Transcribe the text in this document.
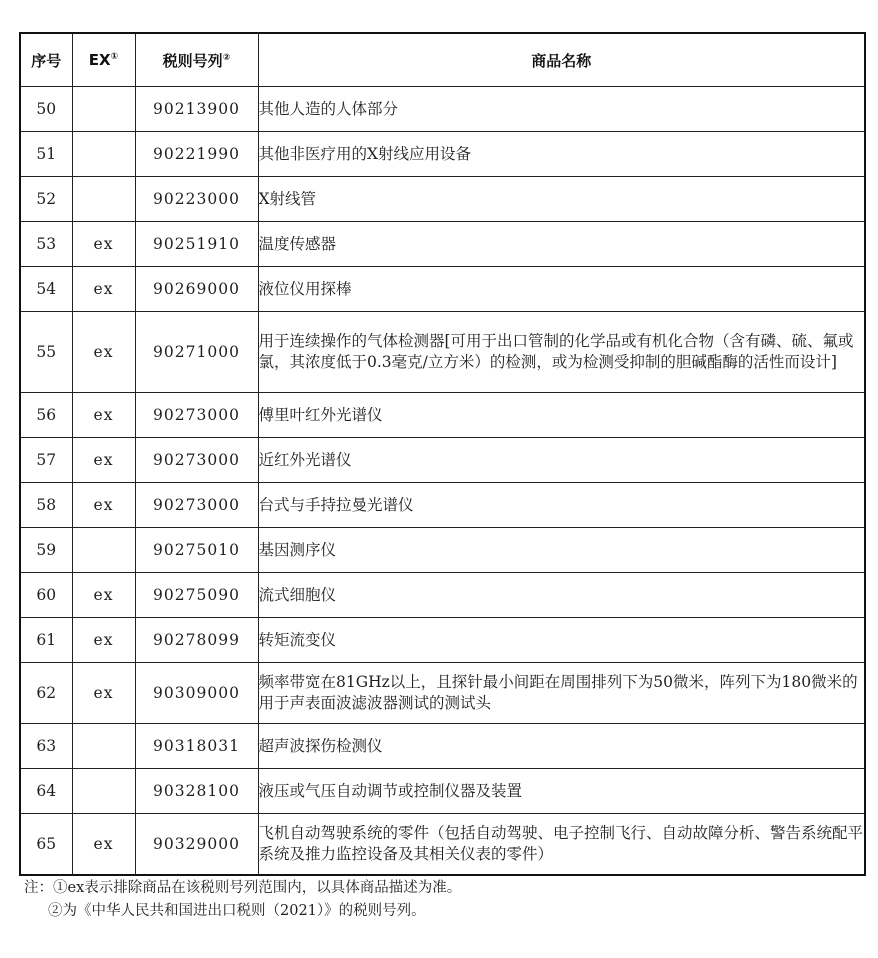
序号	EX①	税则号列②	商品名称
50		90213900	其他人造的人体部分
51		90221990	其他非医疗用的X射线应用设备
52		90223000	X射线管
53	ex	90251910	温度传感器
54	ex	90269000	液位仪用探棒
55	ex	90271000	用于连续操作的气体检测器[可用于出口管制的化学品或有机化合物（含有磷、硫、氟或氯，其浓度低于0.3毫克/立方米）的检测，或为检测受抑制的胆碱酯酶的活性而设计]
56	ex	90273000	傅里叶红外光谱仪
57	ex	90273000	近红外光谱仪
58	ex	90273000	台式与手持拉曼光谱仪
59		90275010	基因测序仪
60	ex	90275090	流式细胞仪
61	ex	90278099	转矩流变仪
62	ex	90309000	频率带宽在81GHz以上，且探针最小间距在周围排列下为50微米，阵列下为180微米的用于声表面波滤波器测试的测试头
63		90318031	超声波探伤检测仪
64		90328100	液压或气压自动调节或控制仪器及装置
65	ex	90329000	飞机自动驾驶系统的零件（包括自动驾驶、电子控制飞行、自动故障分析、警告系统配平系统及推力监控设备及其相关仪表的零件）
注：①ex表示排除商品在该税则号列范围内，以具体商品描述为准。
②为《中华人民共和国进出口税则（2021）》的税则号列。
